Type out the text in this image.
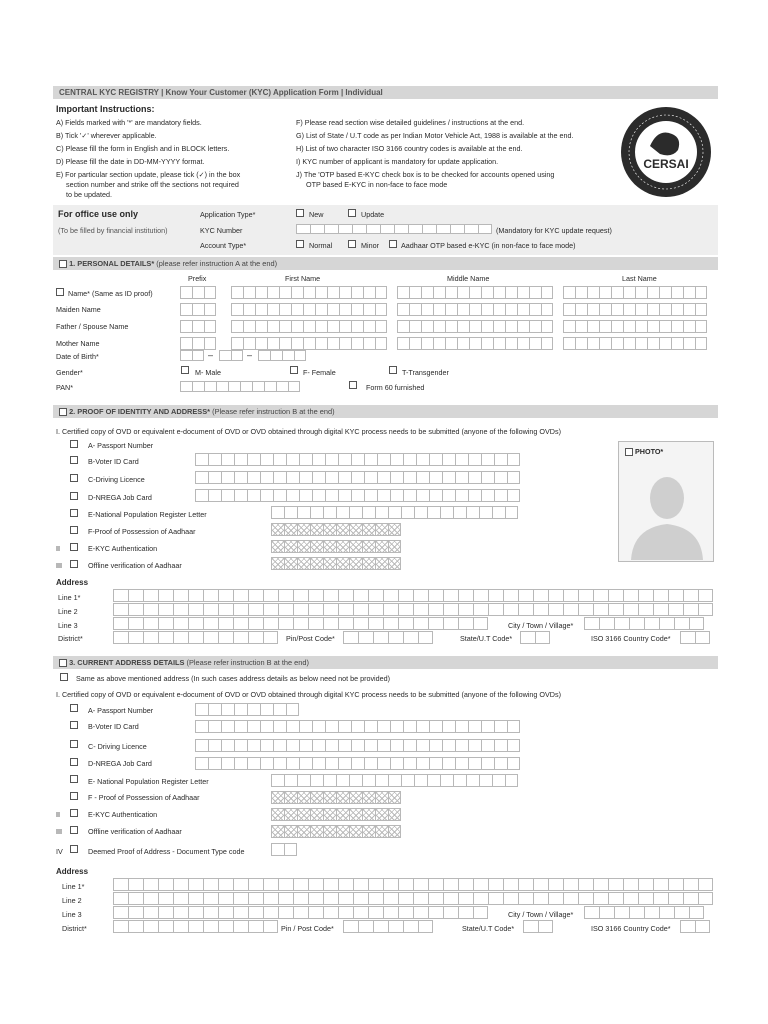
CENTRAL KYC REGISTRY | Know Your Customer (KYC) Application Form | Individual
Important Instructions:
A) Fields marked with '*' are mandatory fields.
B) Tick '✓' wherever applicable.
C) Please fill the form in English and in BLOCK letters.
D) Please fill the date in DD-MM-YYYY format.
E) For particular section update, please tick (✓) in the box
section number and strike off the sections not required
to be updated.
F) Please read section wise detailed guidelines / instructions at the end.
G) List of State / U.T code as per Indian Motor Vehicle Act, 1988 is available at the end.
H) List of two character ISO 3166 country codes is available at the end.
I) KYC number of applicant is mandatory for update application.
J) The 'OTP based E-KYC check box is to be checked for accounts opened using
OTP based E-KYC in non-face to face mode
CERSAI
For office use only
(To be filled by financial institution)
Application Type*	New	Update
KYC Number	(Mandatory for KYC update request)
Account Type*	Normal	Minor	Aadhaar OTP based e-KYC (in non-face to face mode)
1. PERSONAL DETAILS* (please refer instruction A at the end)
Prefix	First Name	Middle Name	Last Name
Name* (Same as ID proof)
Maiden Name
Father / Spouse Name
Mother Name
Date of Birth*	–	–
Gender*	M- Male	F- Female	T-Transgender
PAN*	Form 60 furnished
2. PROOF OF IDENTITY AND ADDRESS* (Please refer instruction B at the end)
I. Certified copy of OVD or equivalent e-document of OVD or OVD obtained through digital KYC process needs to be submitted (anyone of the following OVDs)
A- Passport Number
B-Voter ID Card
C-Driving Licence
D-NREGA Job Card
E-National Population Register Letter
F-Proof of Possession of Aadhaar
II	E-KYC Authentication
III	Offline verification of Aadhaar
PHOTO*
Address
Line 1*
Line 2
Line 3	City / Town / Village*
District*	Pin/Post Code*	State/U.T Code*	ISO 3166 Country Code*
3. CURRENT ADDRESS DETAILS (Please refer instruction B at the end)
Same as above mentioned address (In such cases address details as below need not be provided)
I. Certified copy of OVD or equivalent e-document of OVD or OVD obtained through digital KYC process needs to be submitted (anyone of the following OVDs)
A- Passport Number
B-Voter ID Card
C- Driving Licence
D-NREGA Job Card
E- National Population Register Letter
F - Proof of Possession of Aadhaar
II	E-KYC Authentication
III	Offline verification of Aadhaar
IV	Deemed Proof of Address - Document Type code
Address
Line 1*
Line 2
Line 3	City / Town / Village*
District*	Pin / Post Code*	State/U.T Code*	ISO 3166 Country Code*
